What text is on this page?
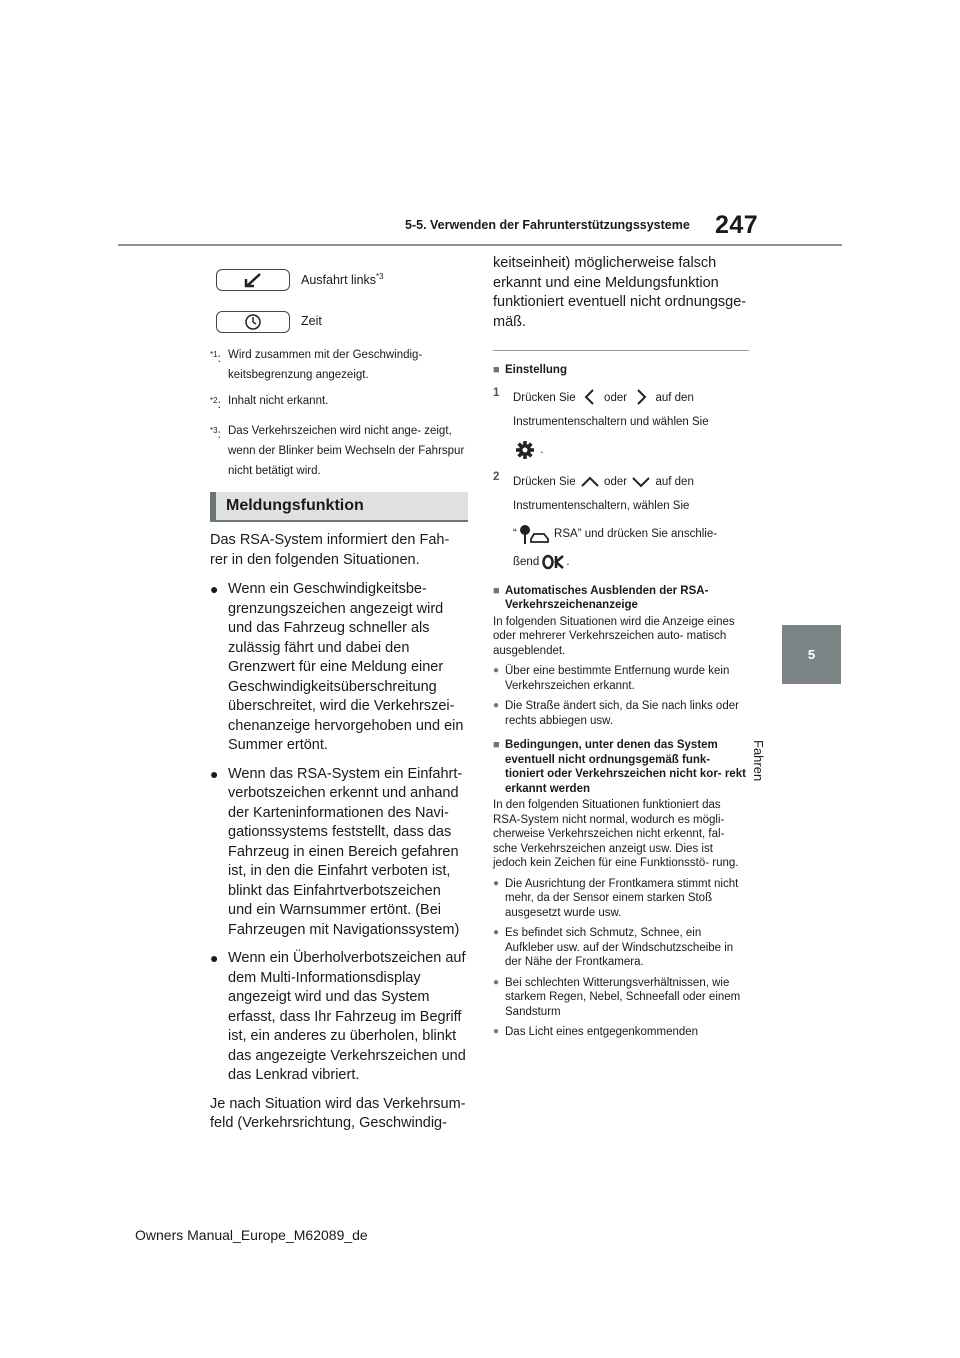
5-5. Verwenden der Fahrunterstützungssysteme 247
5
Fahren
Ausfahrt links$^{*3}$
Zeit
$^{*1}$: Wird zusammen mit der Geschwindig- keitsbegrenzung angezeigt.
$^{*2}$: Inhalt nicht erkannt.
$^{*3}$: Das Verkehrszeichen wird nicht ange- zeigt, wenn der Blinker beim Wechseln der Fahrspur nicht betätigt wird.
Meldungsfunktion

Das RSA-System informiert den Fah- rer in den folgenden Situationen.

● Wenn ein Geschwindigkeitsbe- grenzungszeichen angezeigt wird und das Fahrzeug schneller als zulässig fährt und dabei den Grenzwert für eine Meldung einer Geschwindigkeitsüberschreitung überschreitet, wird die Verkehrszei- chenanzeige hervorgehoben und ein Summer ertönt.
● Wenn das RSA-System ein Einfahrt- verbotszeichen erkennt und anhand der Karteninformationen des Navi- gationssystems feststellt, dass das Fahrzeug in einen Bereich gefahren ist, in den die Einfahrt verboten ist, blinkt das Einfahrtverbotszeichen und ein Warnsummer ertönt. (Bei Fahrzeugen mit Navigationssystem)
● Wenn ein Überholverbotszeichen auf dem Multi-Informationsdisplay angezeigt wird und das System erfasst, dass Ihr Fahrzeug im Begriff ist, ein anderes zu überholen, blinkt das angezeigte Verkehrszeichen und das Lenkrad vibriert.

Je nach Situation wird das Verkehrsum- feld (Verkehrsrichtung, Geschwindig-

keitseinheit) möglicherweise falsch erkannt und eine Meldungsfunktion funktioniert eventuell nicht ordnungsge- mäß.
■ Einstellung
1	Drücken Sie oder auf den
Instrumentenschaltern und wählen Sie
.
2	Drücken Sie oder auf den
Instrumentenschaltern, wählen Sie
“	RSA” und drücken Sie anschlie-
ßend .
■ Automatisches Ausblenden der RSA- Verkehrszeichenanzeige
In folgenden Situationen wird die Anzeige eines oder mehrerer Verkehrszeichen auto- matisch ausgeblendet.
● Über eine bestimmte Entfernung wurde kein Verkehrszeichen erkannt.
● Die Straße ändert sich, da Sie nach links oder rechts abbiegen usw.
■ Bedingungen, unter denen das System eventuell nicht ordnungsgemäß funk- tioniert oder Verkehrszeichen nicht kor- rekt erkannt werden
In den folgenden Situationen funktioniert das RSA-System nicht normal, wodurch es mögli- cherweise Verkehrszeichen nicht erkennt, fal- sche Verkehrszeichen anzeigt usw. Dies ist jedoch kein Zeichen für eine Funktionsstö- rung.
● Die Ausrichtung der Frontkamera stimmt nicht mehr, da der Sensor einem starken Stoß ausgesetzt wurde usw.
● Es befindet sich Schmutz, Schnee, ein Aufkleber usw. auf der Windschutzscheibe in der Nähe der Frontkamera.
● Bei schlechten Witterungsverhältnissen, wie starkem Regen, Nebel, Schneefall oder einem Sandsturm
● Das Licht eines entgegenkommenden
Owners Manual_Europe_M62089_de
